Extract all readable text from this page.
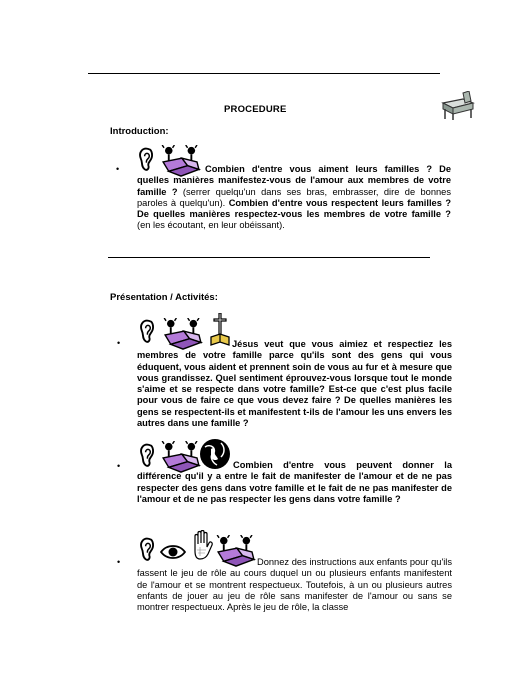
PROCEDURE
Introduction:
•	Combien d'entre vous aiment leurs familles ? De quelles manières manifestez-vous de l'amour aux membres de votre famille ? (serrer quelqu'un dans ses bras, embrasser, dire de bonnes paroles à quelqu'un). Combien d'entre vous respectent leurs familles ? De quelles manières respectez-vous les membres de votre famille ? (en les écoutant, en leur obéissant).
Présentation / Activités:
•	Jésus veut que vous aimiez et respectiez les membres de votre famille parce qu'ils sont des gens qui vous éduquent, vous aident et prennent soin de vous au fur et à mesure que vous grandissez. Quel sentiment éprouvez-vous lorsque tout le monde s'aime et se respecte dans votre famille? Est-ce que c'est plus facile pour vous de faire ce que vous devez faire ? De quelles manières les gens se respectent-ils et manifestent t-ils de l'amour les uns envers les autres dans une famille ?
•	Combien d'entre vous peuvent donner la différence qu'il y a entre le fait de manifester de l'amour et de ne pas respecter des gens dans votre famille et le fait de ne pas manifester de l'amour et de ne pas respecter les gens dans votre famille ?
•	Donnez des instructions aux enfants pour qu'ils fassent le jeu de rôle au cours duquel un ou plusieurs enfants manifestent de l'amour et se montrent respectueux. Toutefois, à un ou plusieurs autres enfants de jouer au jeu de rôle sans manifester de l'amour ou sans se montrer respectueux. Après le jeu de rôle, la classe
